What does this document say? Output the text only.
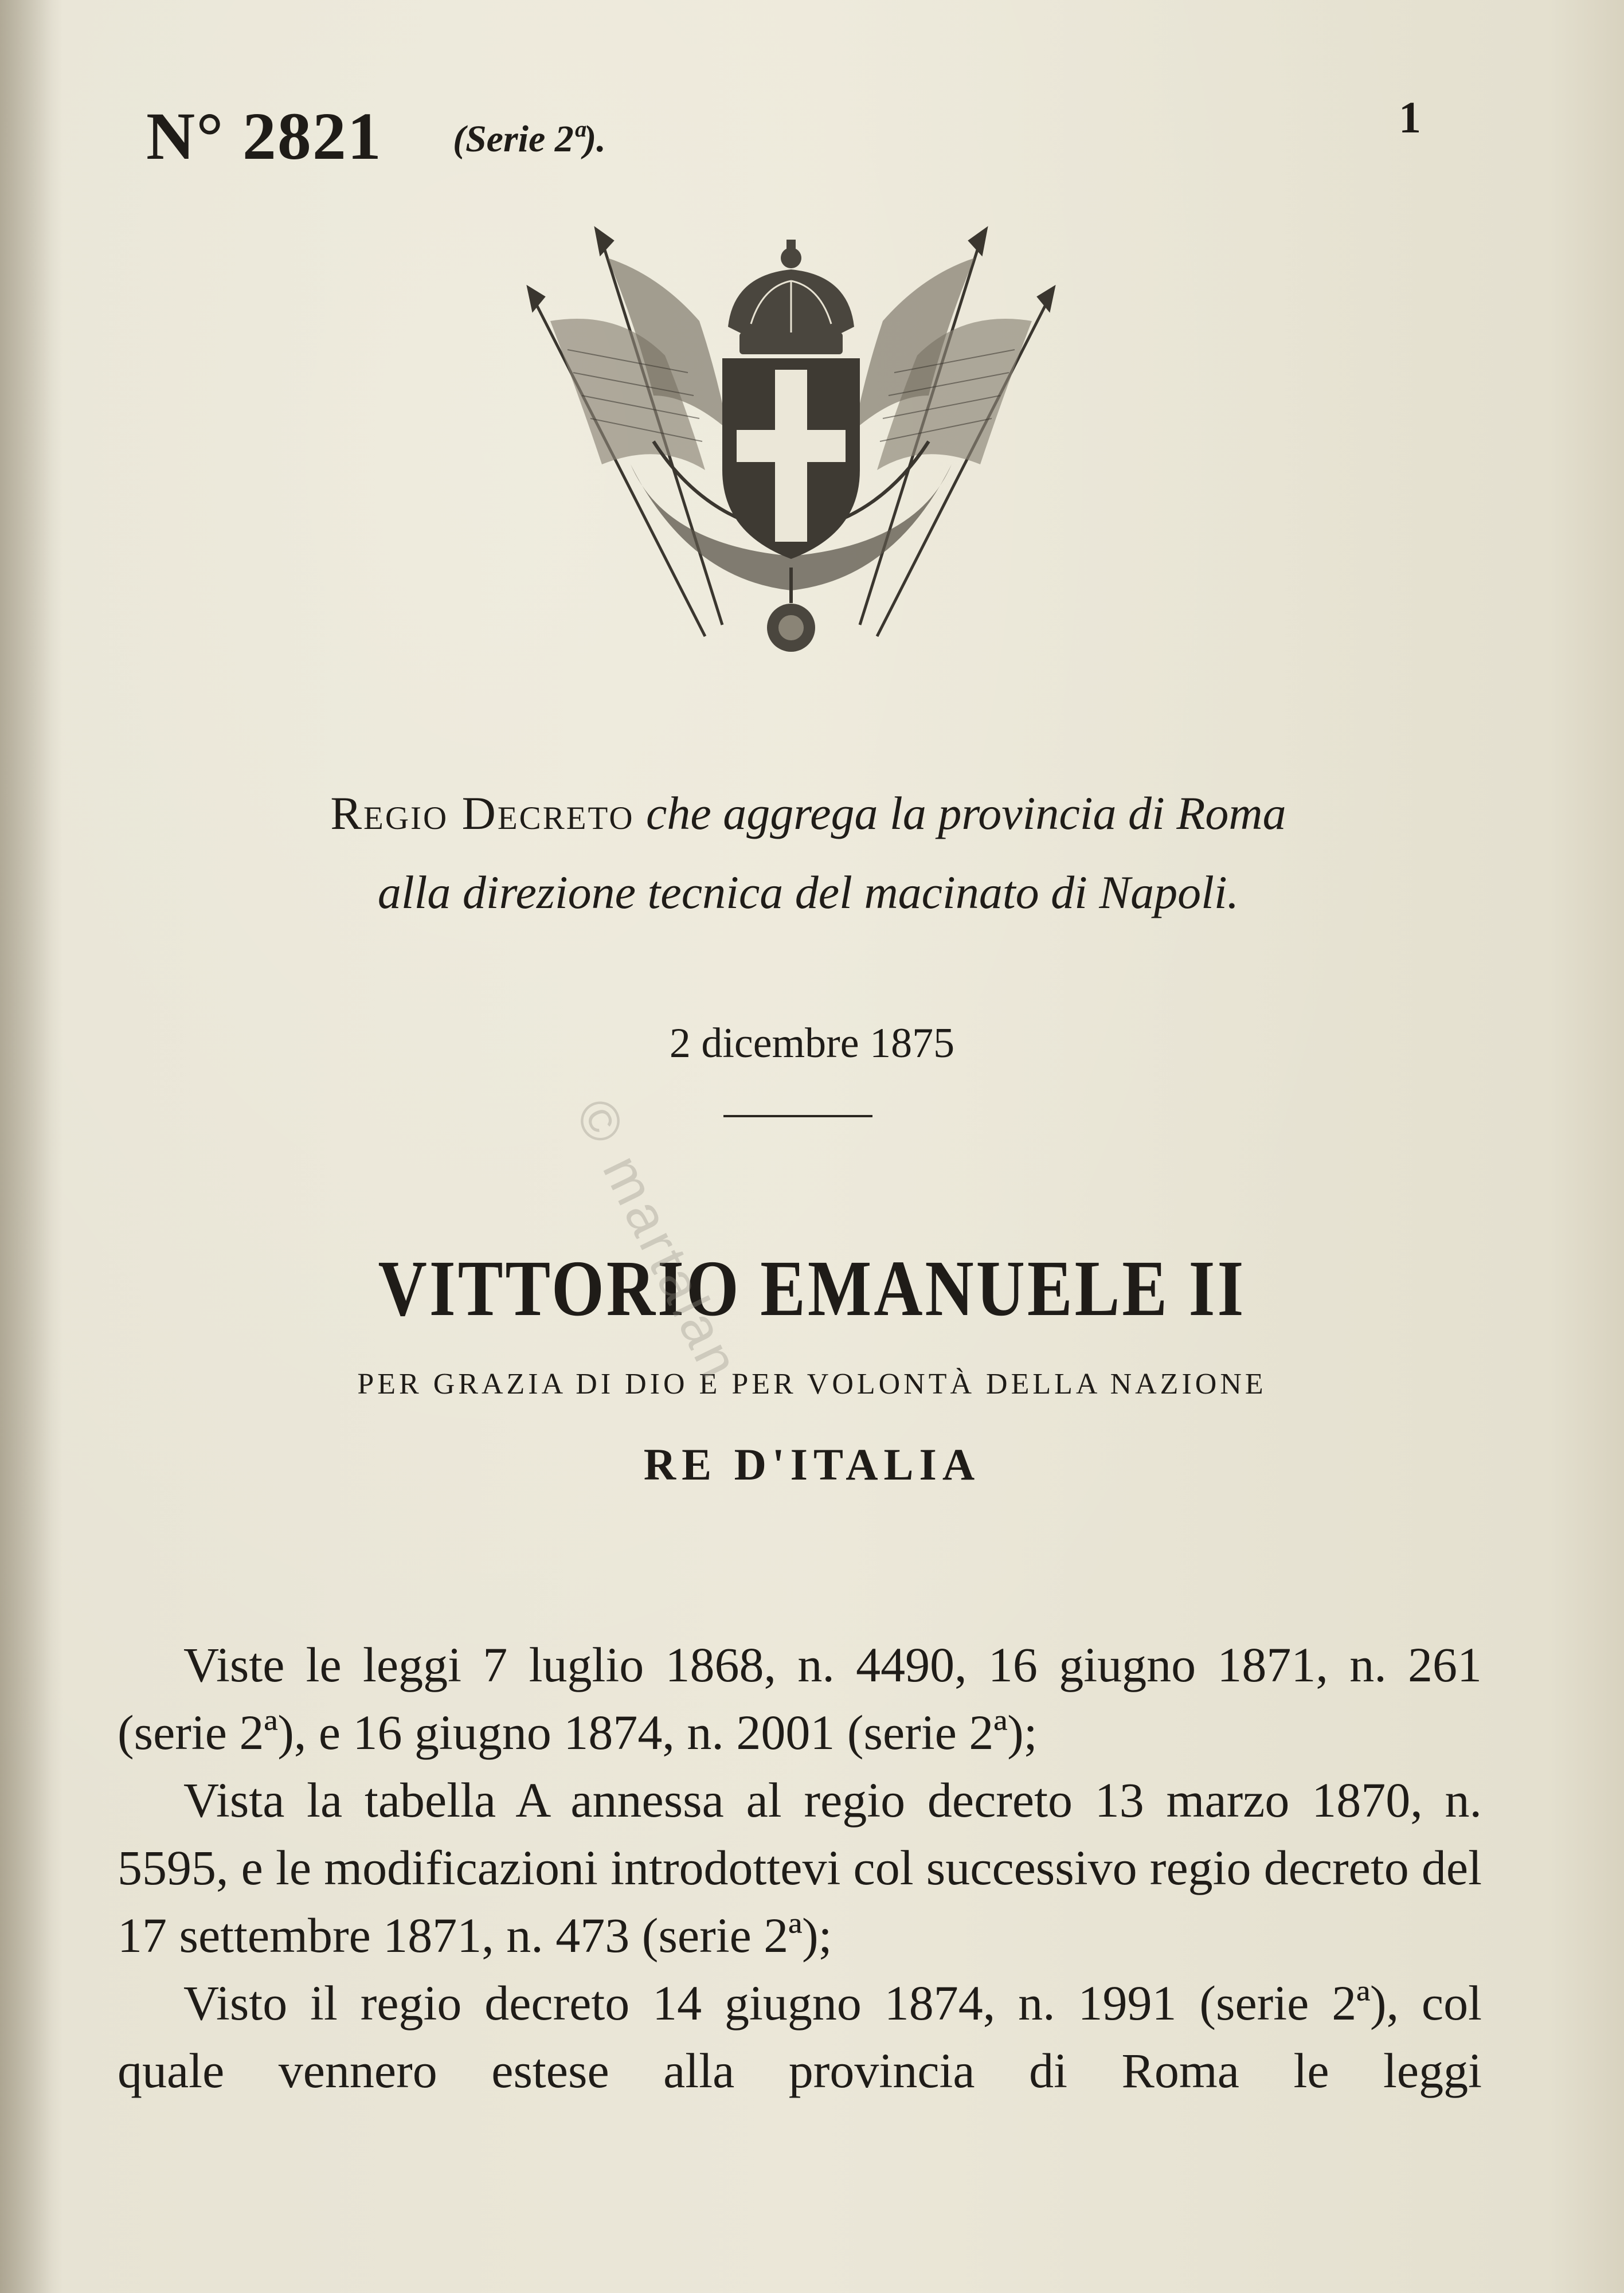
N° 2821 (Serie 2ª).	1
Regio Decreto che aggrega la provincia di Roma
alla direzione tecnica del macinato di Napoli.
2 dicembre 1875
VITTORIO EMANUELE II
PER GRAZIA DI DIO E PER VOLONTÀ DELLA NAZIONE
RE D'ITALIA

Viste le leggi 7 luglio 1868, n. 4490, 16 giugno 1871, n. 261 (serie 2ª), e 16 giugno 1874, n. 2001 (serie 2ª);

Vista la tabella A annessa al regio decreto 13 marzo 1870, n. 5595, e le modificazioni introdottevi col successivo regio decreto del 17 settembre 1871, n. 473 (serie 2ª);

Visto il regio decreto 14 giugno 1874, n. 1991 (serie 2ª), col quale vennero estese alla provincia di Roma le leggi

© martalan
